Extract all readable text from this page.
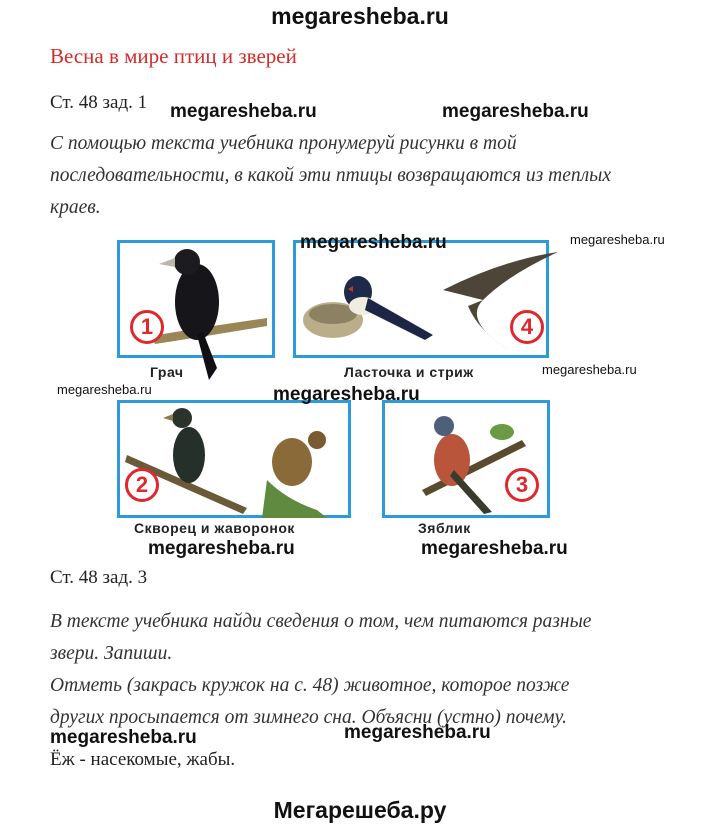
megaresheba.ru
Весна в мире птиц и зверей
Ст. 48 зад. 1 megaresheba.ru	megaresheba.ru
С помощью текста учебника пронумеруй рисунки в той
последовательности, в какой эти птицы возвращаются из теплых
краев.
1
Грач
4
Ласточка и стриж
2
Скворец и жаворонок
3
Зяблик
megaresheba.ru	megaresheba.ru
megaresheba.ru
megaresheba.ru	megaresheba.ru
megaresheba.ru	megaresheba.ru
Ст. 48 зад. 3
В тексте учебника найди сведения о том, чем питаются разные
звери. Запиши.
Отметь (закрась кружок на с. 48) животное, которое позже
других просыпается от зимнего сна. Объясни (устно) почему.
megaresheba.ru	megaresheba.ru
Ёж - насекомые, жабы.
Мегарешеба.ру
